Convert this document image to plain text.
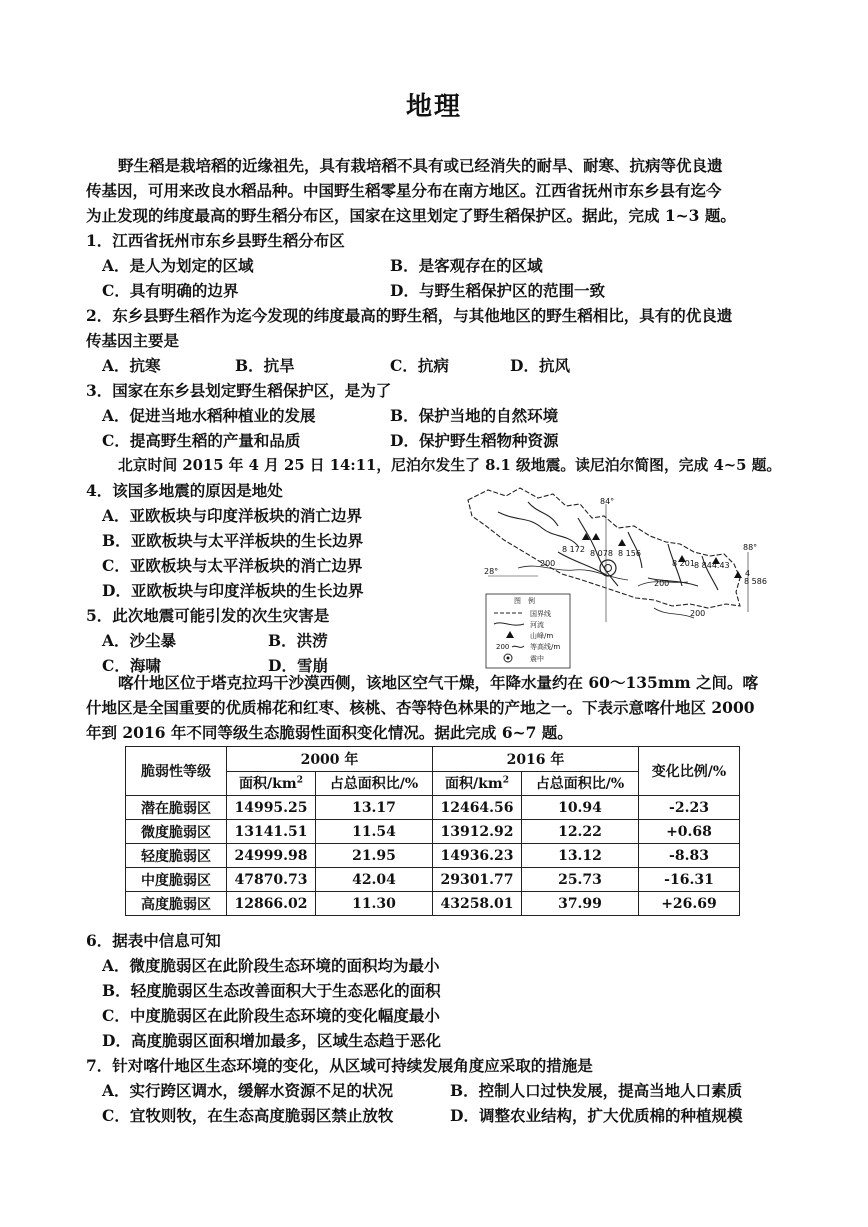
地理
野生稻是栽培稻的近缘祖先，具有栽培稻不具有或已经消失的耐旱、耐寒、抗病等优良遗
传基因，可用来改良水稻品种。中国野生稻零星分布在南方地区。江西省抚州市东乡县有迄今
为止发现的纬度最高的野生稻分布区，国家在这里划定了野生稻保护区。据此，完成 1~3 题。
1．江西省抚州市东乡县野生稻分布区
A．是人为划定的区域	B．是客观存在的区域
C．具有明确的边界	D．与野生稻保护区的范围一致
2．东乡县野生稻作为迄今发现的纬度最高的野生稻，与其他地区的野生稻相比，具有的优良遗
传基因主要是
A．抗寒	B．抗旱	C．抗病	D．抗风
3．国家在东乡县划定野生稻保护区，是为了
A．促进当地水稻种植业的发展	B．保护当地的自然环境
C．提高野生稻的产量和品质	D．保护野生稻物种资源
北京时间 2015 年 4 月 25 日 14:11，尼泊尔发生了 8.1 级地震。读尼泊尔简图，完成 4~5 题。
4．该国多地震的原因是地处
A．亚欧板块与印度洋板块的消亡边界
B．亚欧板块与太平洋板块的生长边界
C．亚欧板块与太平洋板块的消亡边界
D．亚欧板块与印度洋板块的生长边界
5．此次地震可能引发的次生灾害是
A．沙尘暴	B．洪涝
C．海啸	D．雪崩
84°
88°
28°
8 172 8 078 8 156
8 201 8 844.43
8 586
200
200
200
4
图　例
国界线
河流
山峰/m
200	等高线/m
震中
喀什地区位于塔克拉玛干沙漠西侧，该地区空气干燥，年降水量约在 60～135mm 之间。喀
什地区是全国重要的优质棉花和红枣、核桃、杏等特色林果的产地之一。下表示意喀什地区 2000
年到 2016 年不同等级生态脆弱性面积变化情况。据此完成 6~7 题。
脆弱性等级	2000 年		2016 年		变化比例/%
	面积$/km^2$	占总面积比/%	面积$/km^2$	占总面积比/%	
潜在脆弱区	14995.25	13.17	12464.56	10.94	-2.23
微度脆弱区	13141.51	11.54	13912.92	12.22	+0.68
轻度脆弱区	24999.98	21.95	14936.23	13.12	-8.83
中度脆弱区	47870.73	42.04	29301.77	25.73	-16.31
高度脆弱区	12866.02	11.30	43258.01	37.99	+26.69
6．据表中信息可知
A．微度脆弱区在此阶段生态环境的面积均为最小
B．轻度脆弱区生态改善面积大于生态恶化的面积
C．中度脆弱区在此阶段生态环境的变化幅度最小
D．高度脆弱区面积增加最多，区域生态趋于恶化
7．针对喀什地区生态环境的变化，从区域可持续发展角度应采取的措施是
A．实行跨区调水，缓解水资源不足的状况	B．控制人口过快发展，提高当地人口素质
C．宜牧则牧，在生态高度脆弱区禁止放牧	D．调整农业结构，扩大优质棉的种植规模
